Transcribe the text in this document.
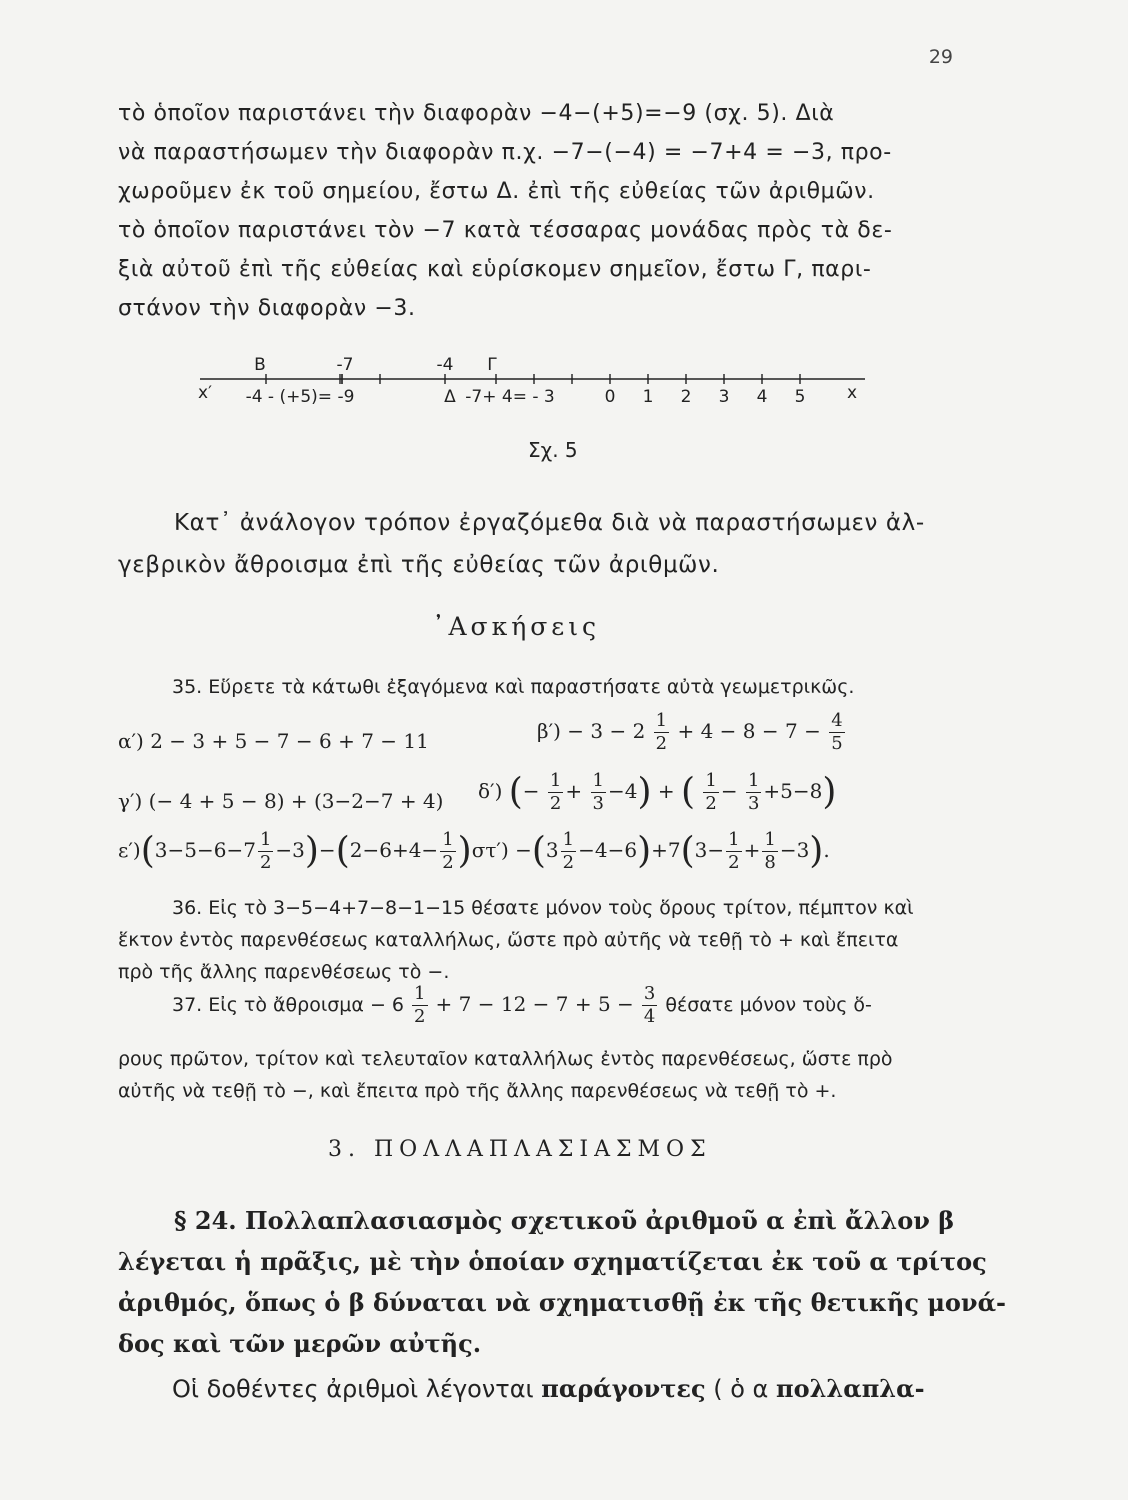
29
τὸ ὁποῖον παριστάνει τὴν διαφορὰν −4−(+5)=−9 (σχ. 5). Διὰ
νὰ παραστήσωμεν τὴν διαφορὰν π.χ. −7−(−4) = −7+4 = −3, προ-
χωροῦμεν ἐκ τοῦ σημείου, ἔστω Δ. ἐπὶ τῆς εὐθείας τῶν ἀριθμῶν.
τὸ ὁποῖον παριστάνει τὸν −7 κατὰ τέσσαρας μονάδας πρὸς τὰ δε-
ξιὰ αὐτοῦ ἐπὶ τῆς εὐθείας καὶ εὑρίσκομεν σημεῖον, ἔστω Γ, παρι-
στάνον τὴν διαφορὰν −3.
B	-7	-4 Γ
x′ -4 - (+5)= -9	Δ -7+ 4= - 3	0 1 2 3 4 5 x
Σχ. 5
Κατ᾽ ἀνάλογον τρόπον ἐργαζόμεθα διὰ νὰ παραστήσωμεν ἀλ-
γεβρικὸν ἄθροισμα ἐπὶ τῆς εὐθείας τῶν ἀριθμῶν.
᾽Ασκήσεις
35. Εὕρετε τὰ κάτωθι ἐξαγόμενα καὶ παραστήσατε αὐτὰ γεωμετρικῶς.
α′) 2 − 3 + 5 − 7 − 6 + 7 − 11	$\beta') - 3 - 2 \frac{1}{2} + 4 - 8 - 7 - \frac{4}{5}$
γ′) (− 4 + 5 − 8) + (3−2−7 + 4) δ′) (− $\frac{1}{2} + \frac{1}{3} -4$) + ( $\frac{1}{2} - \frac{1}{3} +5-8$)
$\varepsilon')(3-5-6-7 \frac{1}{2} -3)-(2-6+4- \frac{1}{2} )\sigma\tau') -(3 \frac{1}{2} -4-6)+7(3- \frac{1}{2} + \frac{1}{8} -3)$.
36. Εἰς τὸ 3−5−4+7−8−1−15 θέσατε μόνον τοὺς ὅρους τρίτον, πέμπτον καὶ
ἕκτον ἐντὸς παρενθέσεως καταλλήλως, ὥστε πρὸ αὐτῆς νὰ τεθῇ τὸ + καὶ ἔπειτα
πρὸ τῆς ἄλλης παρενθέσεως τὸ −.
37. Εἰς τὸ ἄθροισμα − $6 \frac{1}{2} + 7 - 12 - 7 + 5 - \frac{3}{4}$ θέσατε μόνον τοὺς ὅ-
ρους πρῶτον, τρίτον καὶ τελευταῖον καταλλήλως ἐντὸς παρενθέσεως, ὥστε πρὸ
αὐτῆς νὰ τεθῇ τὸ −, καὶ ἔπειτα πρὸ τῆς ἄλλης παρενθέσεως νὰ τεθῇ τὸ +.
3. ΠΟΛΛΑΠΛΑΣΙΑΣΜΟΣ
§ 24. Πολλαπλασιασμὸς σχετικοῦ ἀριθμοῦ α ἐπὶ ἄλλον β
λέγεται ἡ πρᾶξις, μὲ τὴν ὁποίαν σχηματίζεται ἐκ τοῦ α τρίτος
ἀριθμός, ὅπως ὁ β δύναται νὰ σχηματισθῇ ἐκ τῆς θετικῆς μονά-
δος καὶ τῶν μερῶν αὐτῆς.
Οἱ δοθέντες ἀριθμοὶ λέγονται παράγοντες ( ὁ α πολλαπλα-
